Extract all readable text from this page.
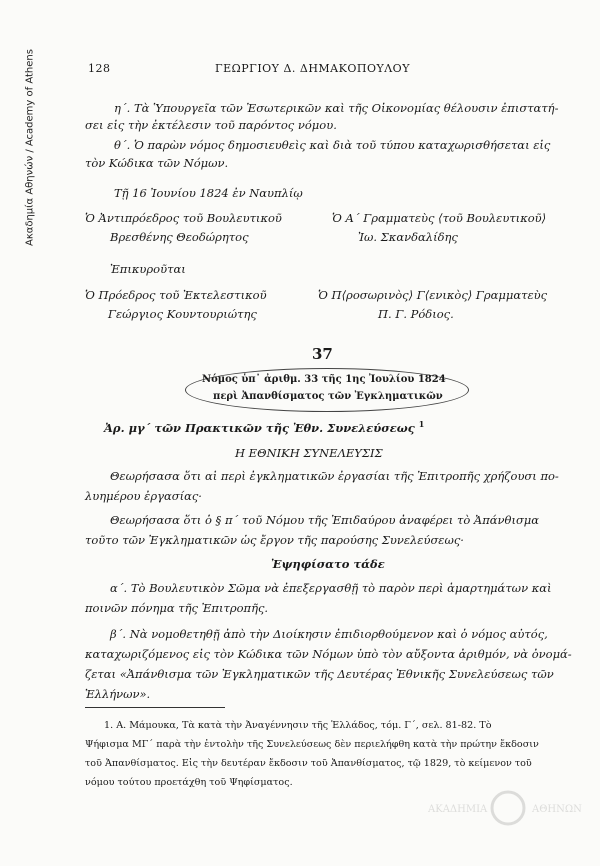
Ακαδημία Αθηνών / Academy of Athens	128	ΓΕΩΡΓΙΟΥ Δ. ΔΗΜΑΚΟΠΟΥΛΟΥ
η΄. Τὰ Ὑπουργεῖα τῶν Ἐσωτερικῶν καὶ τῆς Οἰκονομίας θέλουσιν ἐπιστατή-
σει εἰς τὴν ἐκτέλεσιν τοῦ παρόντος νόμου.
θ΄. Ὁ παρὼν νόμος δημοσιευθεὶς καὶ διὰ τοῦ τύπου καταχωρισθήσεται εἰς
τὸν Κώδικα τῶν Νόμων.
Τῇ 16 Ἰουνίου 1824 ἐν Ναυπλίῳ
Ὁ Ἀντιπρόεδρος τοῦ Βουλευτικοῦ
Βρεσθένης Θεοδώρητος
Ὁ Α΄ Γραμματεὺς ⟨τοῦ Βουλευτικοῦ⟩
Ἰω. Σκανδαλίδης
Ἐπικυροῦται
Ὁ Πρόεδρος τοῦ Ἐκτελεστικοῦ
Γεώργιος Κουντουριώτης
Ὁ Π⟨ροσωρινὸς⟩ Γ⟨ενικὸς⟩ Γραμματεὺς
Π. Γ. Ρόδιος.
37
Νόμος ὑπ᾿ ἀριθμ. 33 τῆς 1ης Ἰουλίου 1824
περὶ Ἀπανθίσματος τῶν Ἐγκληματικῶν
Ἀρ. μγ΄ τῶν Πρακτικῶν τῆς Ἐθν. Συνελεύσεως $^1$
Η ΕΘΝΙΚΗ ΣΥΝΕΛΕΥΣΙΣ
Θεωρήσασα ὅτι αἱ περὶ ἐγκληματικῶν ἐργασίαι τῆς Ἐπιτροπῆς χρήζουσι πο-
λυημέρου ἐργασίας·
Θεωρήσασα ὅτι ὁ § π΄ τοῦ Νόμου τῆς Ἐπιδαύρου ἀναφέρει τὸ Ἀπάνθισμα
τοῦτο τῶν Ἐγκληματικῶν ὡς ἔργον τῆς παρούσης Συνελεύσεως·
Ἐψηφίσατο τάδε
α΄. Τὸ Βουλευτικὸν Σῶμα νὰ ἐπεξεργασθῇ τὸ παρὸν περὶ ἁμαρτημάτων καὶ
ποινῶν πόνημα τῆς Ἐπιτροπῆς.
β΄. Νὰ νομοθετηθῇ ἀπὸ τὴν Διοίκησιν ἐπιδιορθούμενον καὶ ὁ νόμος αὐτός,
καταχωριζόμενος εἰς τὸν Κώδικα τῶν Νόμων ὑπὸ τὸν αὔξοντα ἀριθμόν, νὰ ὀνομά-
ζεται «Ἀπάνθισμα τῶν Ἐγκληματικῶν τῆς Δευτέρας Ἐθνικῆς Συνελεύσεως τῶν
Ἑλλήνων».
1. Α. Μάμουκα, Τὰ κατὰ τὴν Ἀναγέννησιν τῆς Ἑλλάδος, τόμ. Γ΄, σελ. 81-82. Τὸ
Ψήφισμα ΜΓ΄ παρὰ τὴν ἐντολὴν τῆς Συνελεύσεως δὲν περιελήφθη κατὰ τὴν πρώτην ἔκδοσιν
τοῦ Ἀπανθίσματος. Εἰς τὴν δευτέραν ἔκδοσιν τοῦ Ἀπανθίσματος, τῷ 1829, τὸ κείμενον τοῦ
νόμου τούτου προετάχθη τοῦ Ψηφίσματος.
ΑΚΑΔΗΜΙΑ	ΑΘΗΝΩΝ
